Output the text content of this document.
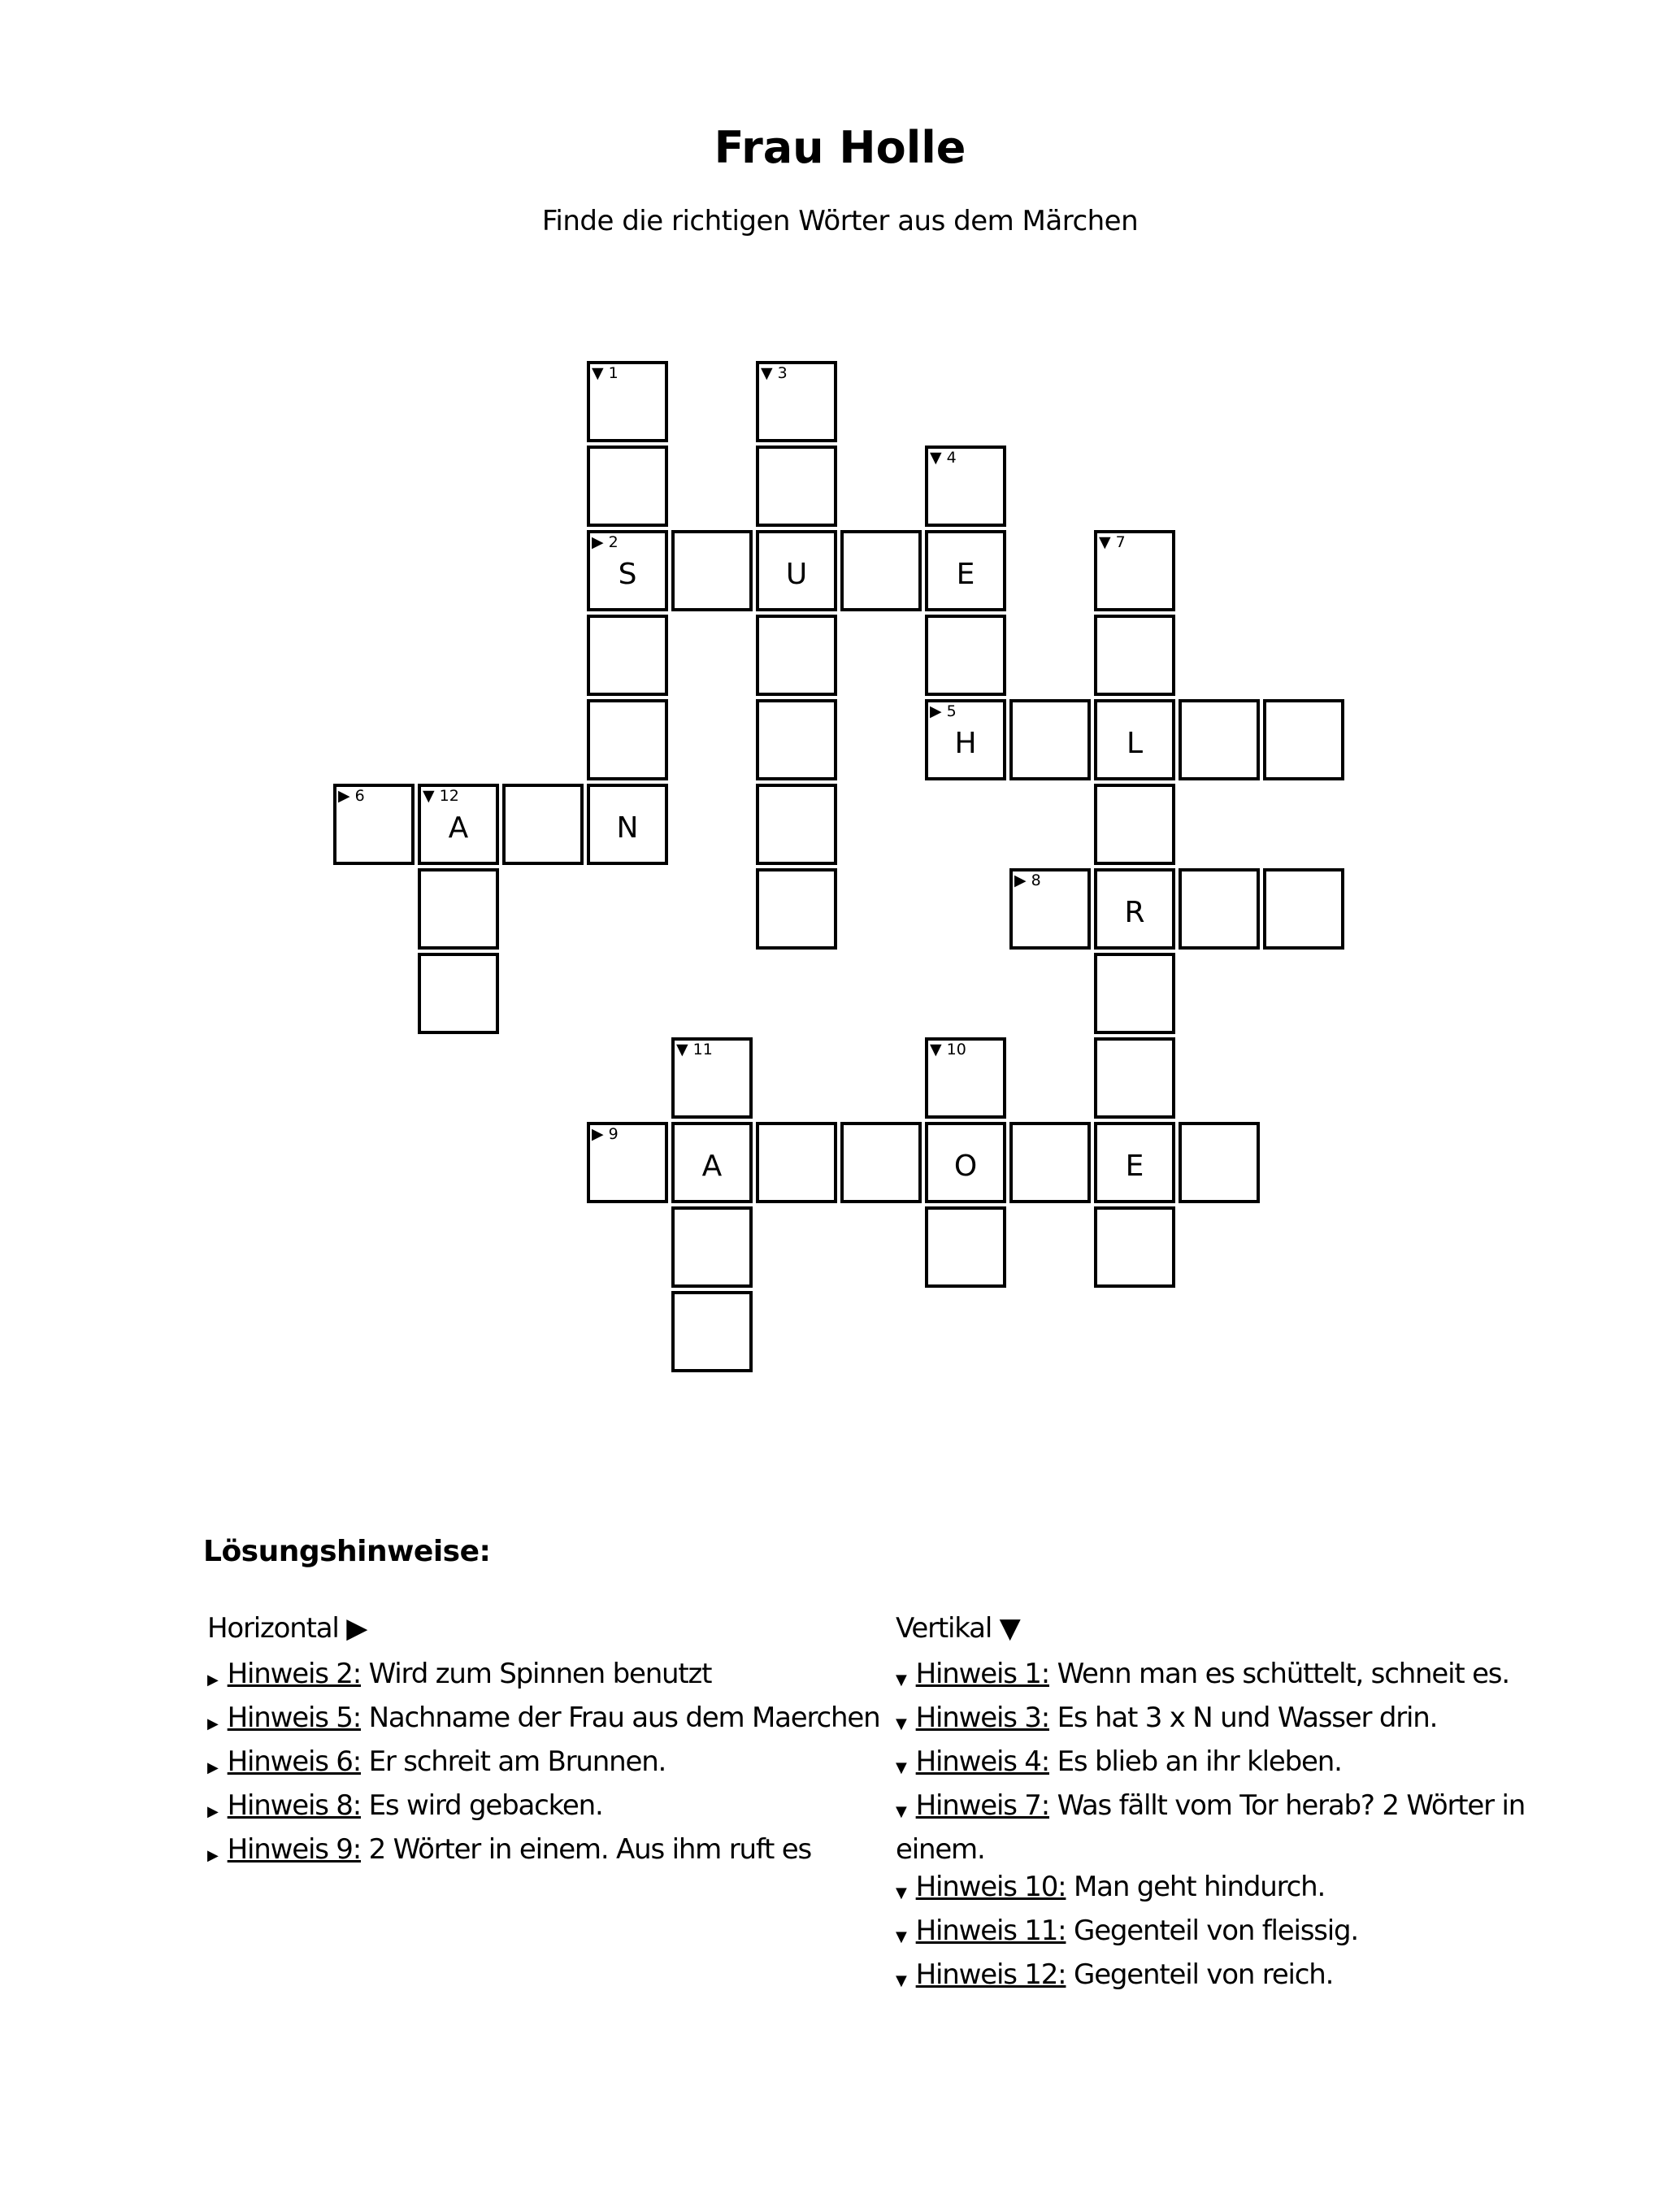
Frau Holle
Finde die richtigen Wörter aus dem Märchen
▼ 1	▼ 3
▼ 4
▶ 2
S	U	E
▼ 7
▶ 5
H	L
▶ 6	▼ 12
A	N
▶ 8
R
▼ 11	▼ 10
▶ 9
A	O	E
Lösungshinweise:
Horizontal ▶
▶ Hinweis 2: Wird zum Spinnen benutzt
▶ Hinweis 5: Nachname der Frau aus dem Maerchen
▶ Hinweis 6: Er schreit am Brunnen.
▶ Hinweis 8: Es wird gebacken.
▶ Hinweis 9: 2 Wörter in einem. Aus ihm ruft es
Vertikal ▼
▼ Hinweis 1: Wenn man es schüttelt, schneit es.
▼ Hinweis 3: Es hat 3 x N und Wasser drin.
▼ Hinweis 4: Es blieb an ihr kleben.
▼ Hinweis 7: Was fällt vom Tor herab? 2 Wörter in einem.
▼ Hinweis 10: Man geht hindurch.
▼ Hinweis 11: Gegenteil von fleissig.
▼ Hinweis 12: Gegenteil von reich.
